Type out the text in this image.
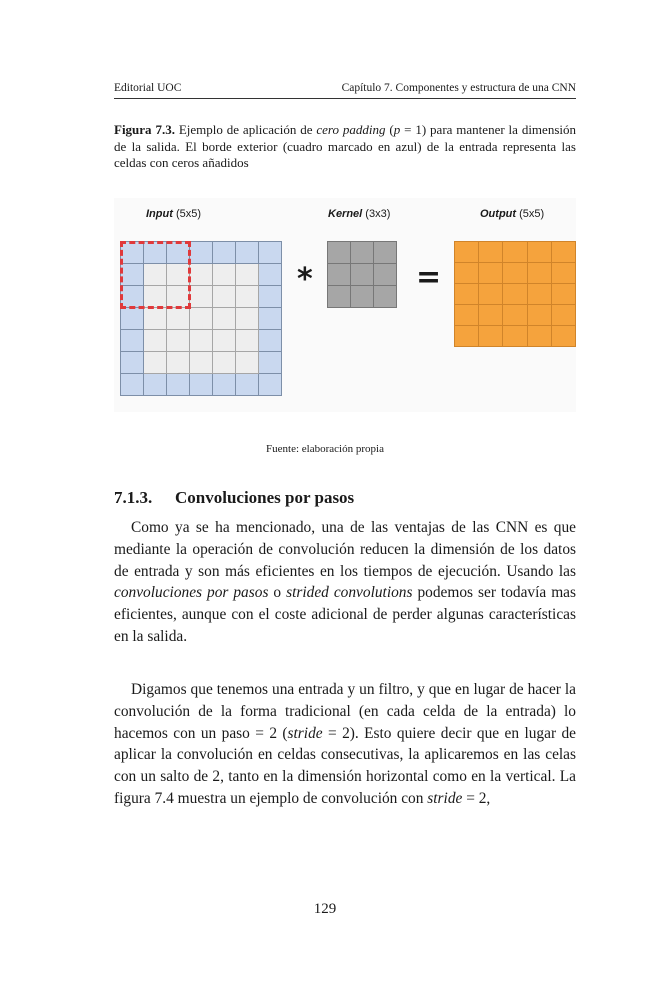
Editorial UOC	Capítulo 7. Componentes y estructura de una CNN
Figura 7.3. Ejemplo de aplicación de cero padding (p = 1) para mantener la dimensión de la salida. El borde exterior (cuadro marcado en azul) de la entrada representa las celdas con ceros añadidos
Input (5x5)	Kernel (3x3)	Output (5x5)

*

			=

Fuente: elaboración propia
7.1.3. Convoluciones por pasos

Como ya se ha mencionado, una de las ventajas de las CNN es que mediante la operación de convolución reducen la dimensión de los datos de entrada y son más eficientes en los tiempos de ejecución. Usando las convoluciones por pasos o strided convolutions podemos ser todavía mas eficientes, aunque con el coste adicional de perder algunas características en la salida.

Digamos que tenemos una entrada y un filtro, y que en lugar de hacer la convolución de la forma tradicional (en cada celda de la entrada) lo hacemos con un paso = 2 (stride = 2). Esto quiere decir que en lugar de aplicar la convolución en celdas consecutivas, la aplicaremos en las celas con un salto de 2, tanto en la dimensión horizontal como en la vertical. La figura 7.4 muestra un ejemplo de convolución con stride = 2,

129
